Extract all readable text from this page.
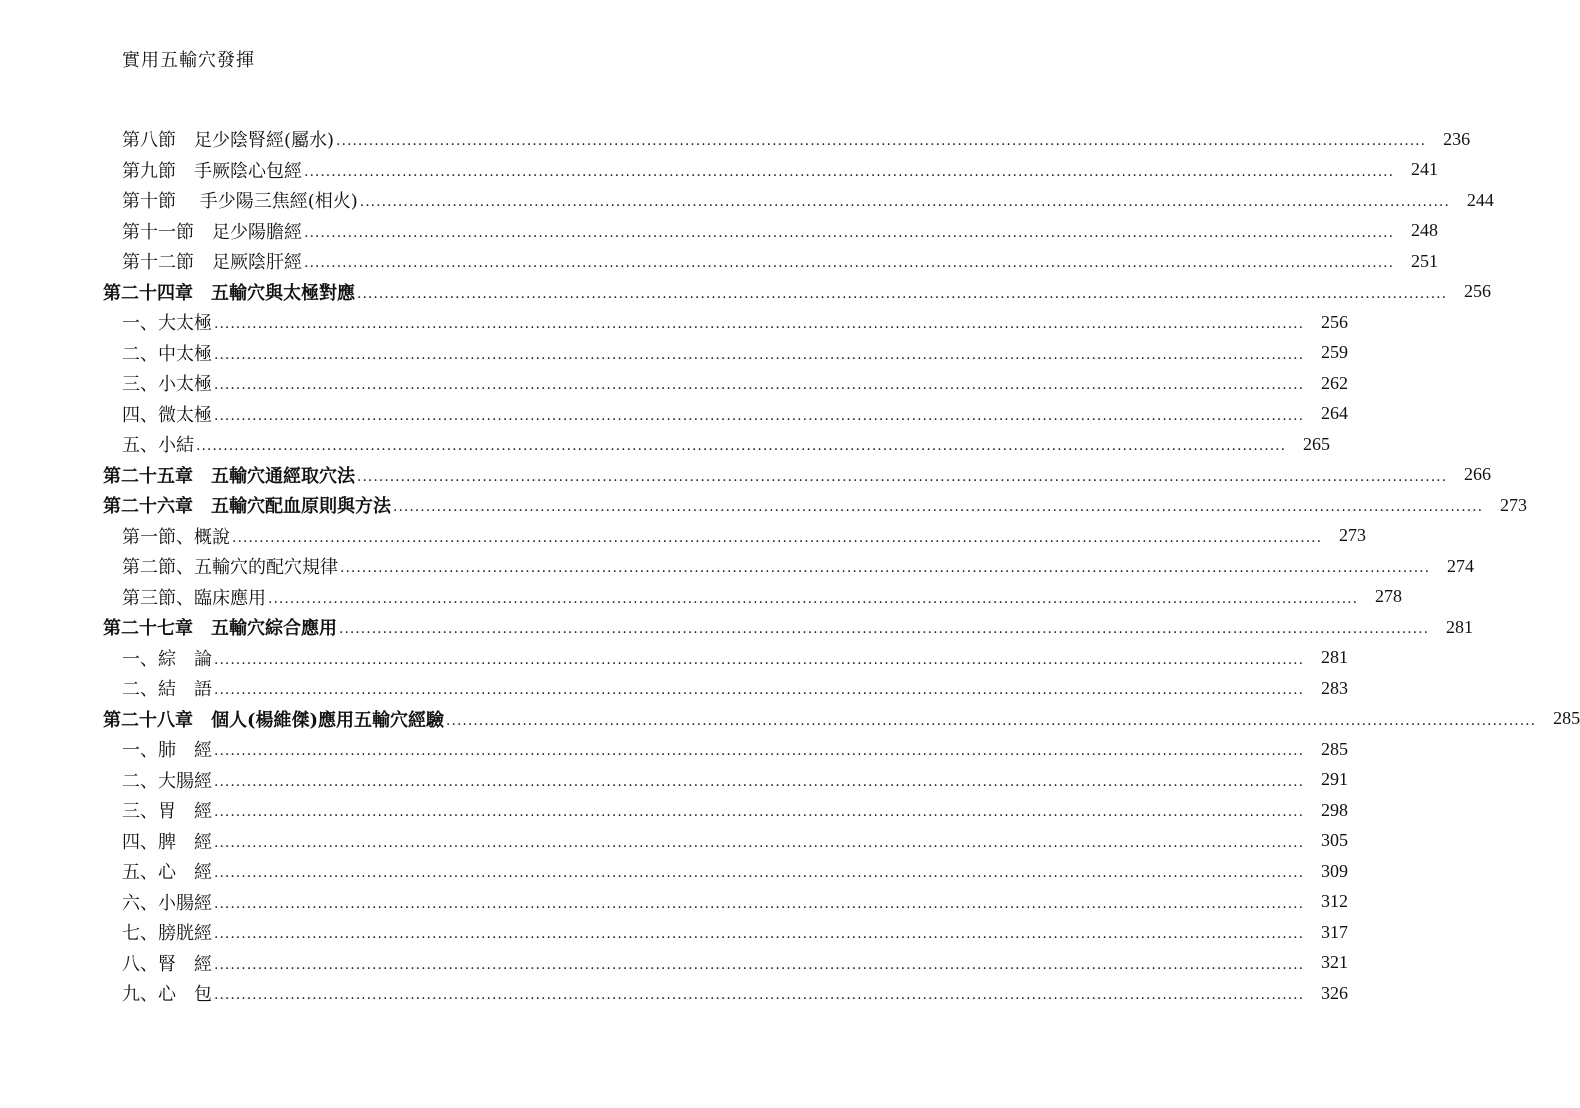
實用五輸穴發揮
第八節　足少陰腎經(屬水) ........................................................................................................................................................................................................ 236
第九節　手厥陰心包經 ........................................................................................................................................................................................................ 241
第十節　 手少陽三焦經(相火) ........................................................................................................................................................................................................ 244
第十一節　足少陽膽經 ........................................................................................................................................................................................................ 248
第十二節　足厥陰肝經 ........................................................................................................................................................................................................ 251
第二十四章　五輸穴與太極對應 ........................................................................................................................................................................................................ 256
一、大太極 ........................................................................................................................................................................................................ 256
二、中太極 ........................................................................................................................................................................................................ 259
三、小太極 ........................................................................................................................................................................................................ 262
四、微太極 ........................................................................................................................................................................................................ 264
五、小結 ........................................................................................................................................................................................................ 265
第二十五章　五輸穴通經取穴法 ........................................................................................................................................................................................................ 266
第二十六章　五輸穴配血原則與方法 ........................................................................................................................................................................................................ 273
第一節、概說 ........................................................................................................................................................................................................ 273
第二節、五輸穴的配穴規律 ........................................................................................................................................................................................................ 274
第三節、臨床應用 ........................................................................................................................................................................................................ 278
第二十七章　五輸穴綜合應用 ........................................................................................................................................................................................................ 281
一、綜　論 ........................................................................................................................................................................................................ 281
二、結　語 ........................................................................................................................................................................................................ 283
第二十八章　個人(楊維傑)應用五輸穴經驗 ........................................................................................................................................................................................................ 285
一、肺　經 ........................................................................................................................................................................................................ 285
二、大腸經 ........................................................................................................................................................................................................ 291
三、胃　經 ........................................................................................................................................................................................................ 298
四、脾　經 ........................................................................................................................................................................................................ 305
五、心　經 ........................................................................................................................................................................................................ 309
六、小腸經 ........................................................................................................................................................................................................ 312
七、膀胱經 ........................................................................................................................................................................................................ 317
八、腎　經 ........................................................................................................................................................................................................ 321
九、心　包 ........................................................................................................................................................................................................ 326
